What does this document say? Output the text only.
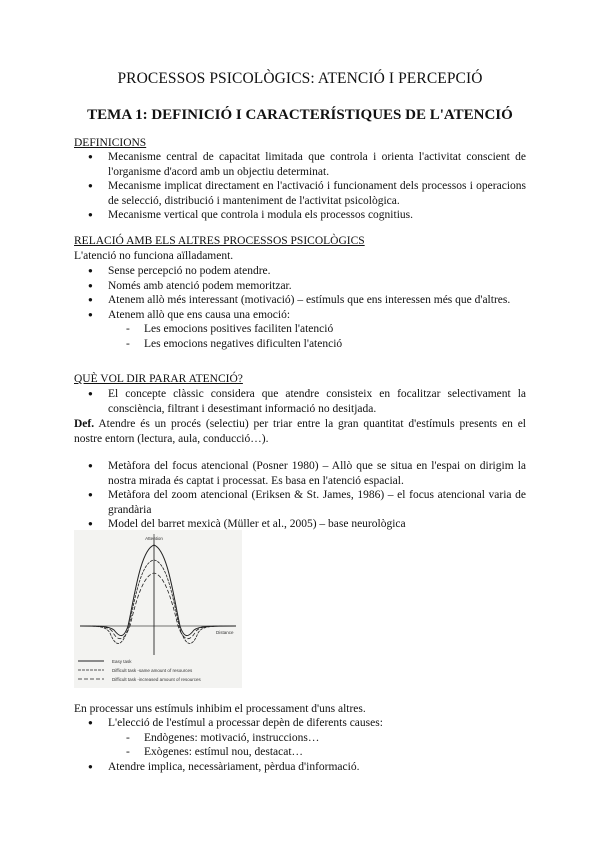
PROCESSOS PSICOLÒGICS: ATENCIÓ I PERCEPCIÓ
TEMA 1: DEFINICIÓ I CARACTERÍSTIQUES DE L'ATENCIÓ
DEFINICIONS
● Mecanisme central de capacitat limitada que controla i orienta l'activitat conscient de l'organisme d'acord amb un objectiu determinat.
● Mecanisme implicat directament en l'activació i funcionament dels processos i operacions de selecció, distribució i manteniment de l'activitat psicològica.
● Mecanisme vertical que controla i modula els processos cognitius.
RELACIÓ AMB ELS ALTRES PROCESSOS PSICOLÒGICS
L'atenció no funciona aïlladament.
● Sense percepció no podem atendre.
● Només amb atenció podem memoritzar.
● Atenem allò més interessant (motivació) – estímuls que ens interessen més que d'altres.
● Atenem allò que ens causa una emoció:
- Les emocions positives faciliten l'atenció
- Les emocions negatives dificulten l'atenció
QUÈ VOL DIR PARAR ATENCIÓ?
● El concepte clàssic considera que atendre consisteix en focalitzar selectivament la consciència, filtrant i desestimant informació no desitjada.
Def. Atendre és un procés (selectiu) per triar entre la gran quantitat d'estímuls presents en el nostre entorn (lectura, aula, conducció…).
● Metàfora del focus atencional (Posner 1980) – Allò que se situa en l'espai on dirigim la nostra mirada és captat i processat. Es basa en l'atenció espacial.
● Metàfora del zoom atencional (Eriksen & St. James, 1986) – el focus atencional varia de grandària
● Model del barret mexicà (Müller et al., 2005) – base neurològica
Attention
Distance
Easy task
Difficult task -same amount of resources
Difficult task -increased amount of resources
En processar uns estímuls inhibim el processament d'uns altres.
● L'elecció de l'estímul a processar depèn de diferents causes:
- Endògenes: motivació, instruccions…
- Exògenes: estímul nou, destacat…
● Atendre implica, necessàriament, pèrdua d'informació.
